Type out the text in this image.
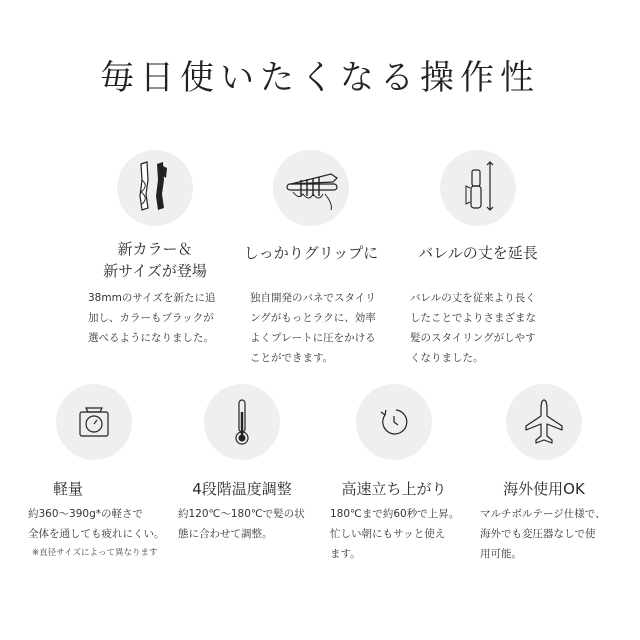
毎日使いたくなる操作性
新カラー＆
新サイズが登場
38mmのサイズを新たに追
加し、カラーもブラックが
選べるようになりました。
しっかりグリップに
独自開発のバネでスタイリ
ングがもっとラクに、効率
よくプレートに圧をかける
ことができます。
バレルの丈を延長
バレルの丈を従来より長く
したことでよりさまざまな
髪のスタイリングがしやす
くなりました。
軽量
約360〜390g*の軽さで
全体を通しても疲れにくい。
4段階温度調整
約120℃〜180℃で髪の状
態に合わせて調整。
高速立ち上がり
180℃まで約60秒で上昇。
忙しい朝にもサッと使え
ます。
海外使用OK
マルチボルテージ仕様で、
海外でも変圧器なしで使
用可能。
※直径サイズによって異なります
